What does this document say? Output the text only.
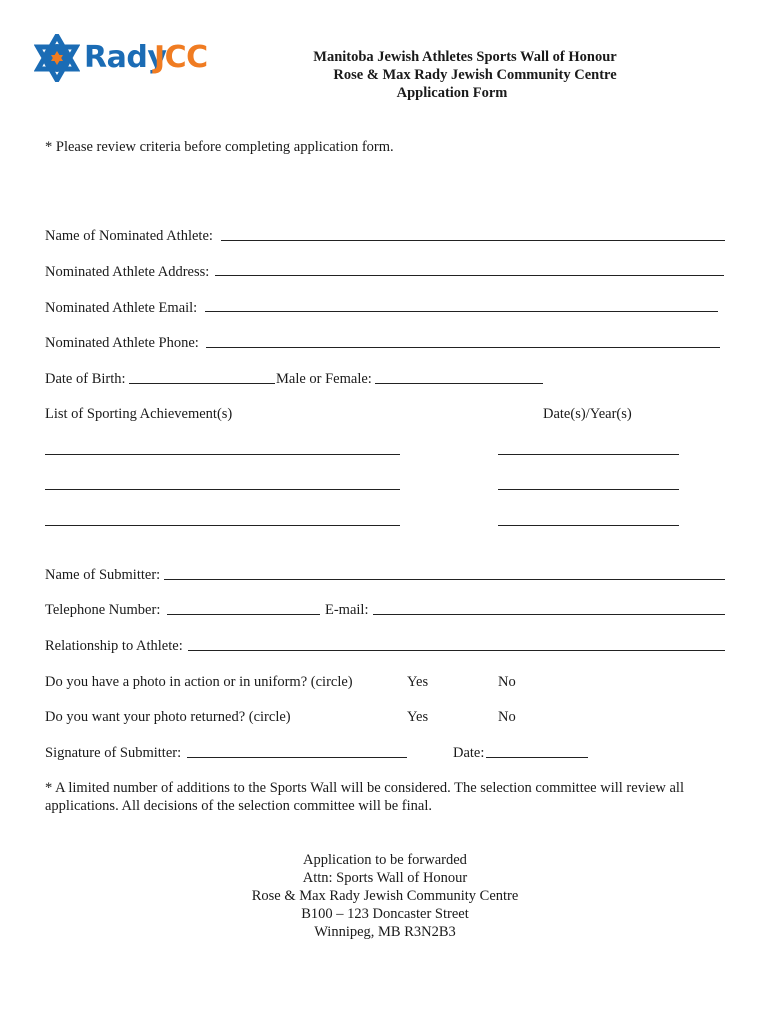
Rady
JCC	Manitoba Jewish Athletes Sports Wall of Honour
Rose & Max Rady Jewish Community Centre
Application Form
* Please review criteria before completing application form.
Name of Nominated Athlete:
Nominated Athlete Address:
Nominated Athlete Email:
Nominated Athlete Phone:
Date of Birth:	Male or Female:
List of Sporting Achievement(s)	Date(s)/Year(s)
Name of Submitter:
Telephone Number:	E-mail:
Relationship to Athlete:
Do you have a photo in action or in uniform? (circle)	Yes	No
Do you want your photo returned? (circle)	Yes	No
Signature of Submitter:	Date:
* A limited number of additions to the Sports Wall will be considered. The selection committee will review all
applications. All decisions of the selection committee will be final.
Application to be forwarded
Attn: Sports Wall of Honour
Rose & Max Rady Jewish Community Centre
B100 – 123 Doncaster Street
Winnipeg, MB R3N2B3
